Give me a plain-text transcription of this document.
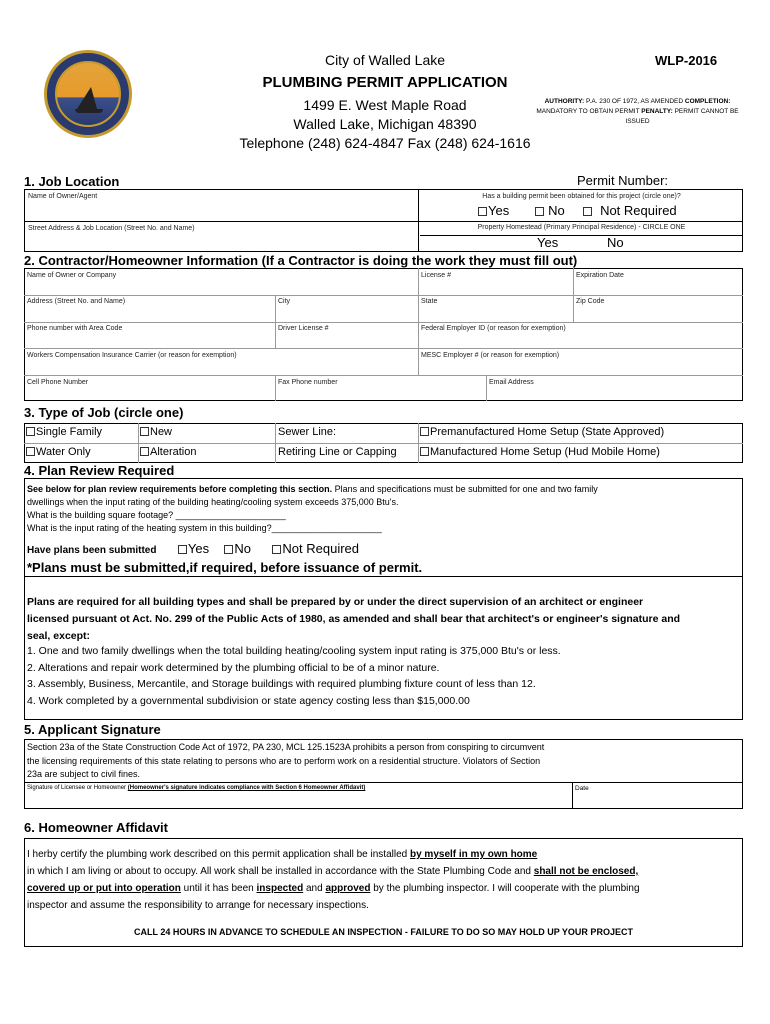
City of Walled Lake
PLUMBING PERMIT APPLICATION
1499 E. West Maple Road
Walled Lake, Michigan 48390
Telephone (248) 624-4847 Fax (248) 624-1616
WLP-2016
AUTHORITY: P.A. 230 OF 1972, AS AMENDED COMPLETION:
MANDATORY TO OBTAIN PERMIT PENALTY: PERMIT CANNOT BE
ISSUED
1. Job Location	Permit Number:
Name of Owner/Agent	Has a building permit been obtained for this project (circle one)?
Yes	No	Not Required
Street Address & Job Location (Street No. and Name)	Property Homestead (Primary Principal Residence) - CIRCLE ONE
Yes	No
2. Contractor/Homeowner Information (If a Contractor is doing the work they must fill out)
Name of Owner or Company	License #	Expiration Date
Address (Street No. and Name)	City	State	Zip Code
Phone number with Area Code	Driver License #	Federal Employer ID (or reason for exemption)
Workers Compensation Insurance Carrier (or reason for exemption)	MESC Employer # (or reason for exemption)
Cell Phone Number	Fax Phone number	Email Address
3. Type of Job (circle one)
Single Family	New	Sewer Line:	Premanufactured Home Setup (State Approved)
Water Only	Alteration	Retiring Line or Capping	Manufactured Home Setup (Hud Mobile Home)
4. Plan Review Required
See below for plan review requirements before completing this section. Plans and specifications must be submitted for one and two family
dwellings when the input rating of the building heating/cooling system exceeds 375,000 Btu's.
What is the building square footage? ______________________
What is the input rating of the heating system in this building?______________________
Have plans been submitted Yes No Not Required
*Plans must be submitted,if required, before issuance of permit.
Plans are required for all building types and shall be prepared by or under the direct supervision of an architect or engineer
licensed pursuant ot Act. No. 299 of the Public Acts of 1980, as amended and shall bear that architect's or engineer's signature and
seal, except:
1. One and two family dwellings when the total building heating/cooling system input rating is 375,000 Btu's or less.
2. Alterations and repair work determined by the plumbing official to be of a minor nature.
3. Assembly, Business, Mercantile, and Storage buildings with required plumbing fixture count of less than 12.
4. Work completed by a governmental subdivision or state agency costing less than $15,000.00
5. Applicant Signature
Section 23a of the State Construction Code Act of 1972, PA 230, MCL 125.1523A prohibits a person from conspiring to circumvent
the licensing requirements of this state relating to persons who are to perform work on a residential structure. Violators of Section
23a are subject to civil fines.
Signature of Licensee or Homeowner (Homeowner's signature indicates compliance with Section 6 Homeowner Affidavit)	Date
6. Homeowner Affidavit
I herby certify the plumbing work described on this permit application shall be installed by myself in my own home
in which I am living or about to occupy. All work shall be installed in accordance with the State Plumbing Code and shall not be enclosed,
covered up or put into operation until it has been inspected and approved by the plumbing inspector. I will cooperate with the plumbing
inspector and assume the responsibility to arrange for necessary inspections.
CALL 24 HOURS IN ADVANCE TO SCHEDULE AN INSPECTION - FAILURE TO DO SO MAY HOLD UP YOUR PROJECT
